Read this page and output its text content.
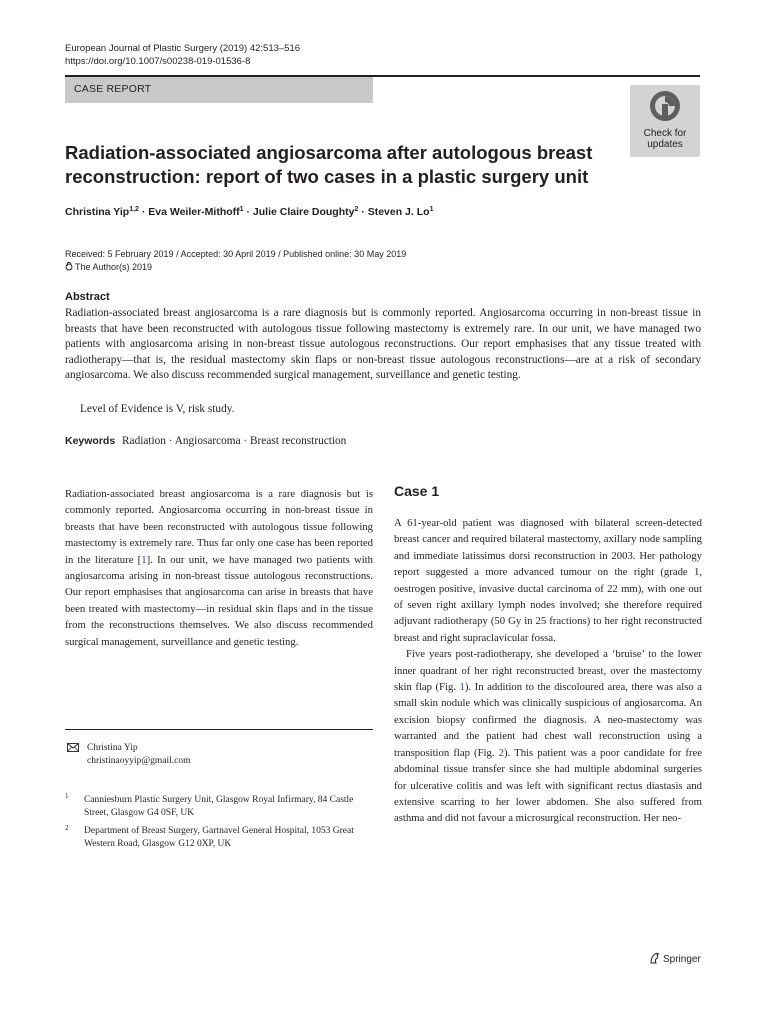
European Journal of Plastic Surgery (2019) 42:513–516
https://doi.org/10.1007/s00238-019-01536-8
CASE REPORT
Check for
updates
Radiation-associated angiosarcoma after autologous breast reconstruction: report of two cases in a plastic surgery unit
Christina Yip$^{1,2}$ · Eva Weiler-Mithoff$^1$ · Julie Claire Doughty$^2$ · Steven J. Lo$^1$
Received: 5 February 2019 / Accepted: 30 April 2019 / Published online: 30 May 2019
The Author(s) 2019
Abstract

Radiation-associated breast angiosarcoma is a rare diagnosis but is commonly reported. Angiosarcoma occurring in non-breast tissue in breasts that have been reconstructed with autologous tissue following mastectomy is extremely rare. In our unit, we have managed two patients with angiosarcoma arising in non-breast tissue autologous reconstructions. Our report emphasises that any tissue treated with radiotherapy—that is, the residual mastectomy skin flaps or non-breast tissue autologous reconstructions—are at a risk of secondary angiosarcoma. We also discuss recommended surgical management, surveillance and genetic testing.

Level of Evidence is V, risk study.
Keywords Radiation · Angiosarcoma · Breast reconstruction
Radiation-associated breast angiosarcoma is a rare diagnosis but is commonly reported. Angiosarcoma occurring in non-breast tissue in breasts that have been reconstructed with autologous tissue following mastectomy is extremely rare. Thus far only one case has been reported in the literature [1]. In our unit, we have managed two patients with angiosarcoma arising in non-breast tissue autologous reconstructions. Our report emphasises that angiosarcoma can arise in breasts that have been treated with mastectomy—in residual skin flaps and in the tissue from the reconstructions themselves. We also discuss recommended surgical management, surveillance and genetic testing.
Christina Yip
christinaoyyip@gmail.com
1 Canniesburn Plastic Surgery Unit, Glasgow Royal Infirmary, 84 Castle Street, Glasgow G4 0SF, UK
2 Department of Breast Surgery, Gartnavel General Hospital, 1053 Great Western Road, Glasgow G12 0XP, UK
Case 1

A 61-year-old patient was diagnosed with bilateral screen-detected breast cancer and required bilateral mastectomy, axillary node sampling and immediate latissimus dorsi reconstruction in 2003. Her pathology report suggested a more advanced tumour on the right (grade 1, oestrogen positive, invasive ductal carcinoma of 22 mm), with one out of seven right axillary lymph nodes involved; she therefore required adjuvant radiotherapy (50 Gy in 25 fractions) to her right reconstructed breast and right supraclavicular fossa.

Five years post-radiotherapy, she developed a ‘bruise’ to the lower inner quadrant of her right reconstructed breast, over the mastectomy skin flap (Fig. 1). In addition to the discoloured area, there was also a small skin nodule which was clinically suspicious of angiosarcoma. An excision biopsy confirmed the diagnosis. A neo-mastectomy was warranted and the patient had chest wall reconstruction using a transposition flap (Fig. 2). This patient was a poor candidate for free abdominal tissue transfer since she had multiple abdominal surgeries for ulcerative colitis and was left with significant rectus diastasis and extensive scarring to her lower abdomen. She also suffered from asthma and did not favour a microsurgical reconstruction. Her neo-

Springer
